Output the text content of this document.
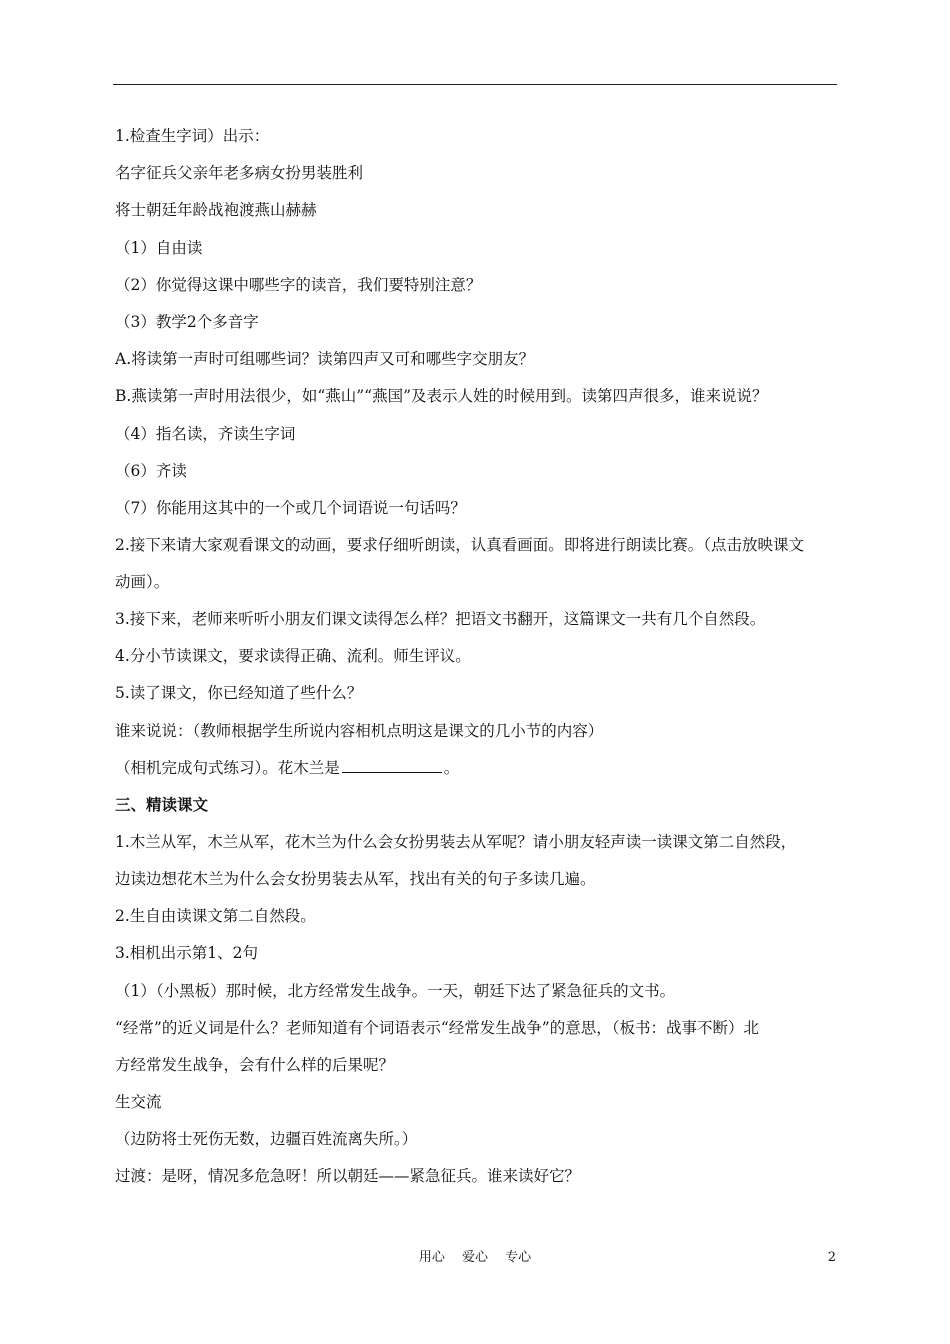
1.检查生字词）出示：
名字征兵父亲年老多病女扮男装胜利
将士朝廷年龄战袍渡燕山赫赫
（1）自由读
（2）你觉得这课中哪些字的读音，我们要特别注意？
（3）教学2个多音字
A.将读第一声时可组哪些词？读第四声又可和哪些字交朋友？
B.燕读第一声时用法很少，如“燕山”“燕国”及表示人姓的时候用到。读第四声很多，谁来说说？
（4）指名读，齐读生字词
（6）齐读
（7）你能用这其中的一个或几个词语说一句话吗？
2.接下来请大家观看课文的动画，要求仔细听朗读，认真看画面。即将进行朗读比赛。（点击放映课文
动画）。
3.接下来，老师来听听小朋友们课文读得怎么样？把语文书翻开，这篇课文一共有几个自然段。
4.分小节读课文，要求读得正确、流利。师生评议。
5.读了课文，你已经知道了些什么？
谁来说说：（教师根据学生所说内容相机点明这是课文的几小节的内容）
（相机完成句式练习）。花木兰是	。
三、精读课文
1.木兰从军，木兰从军，花木兰为什么会女扮男装去从军呢？请小朋友轻声读一读课文第二自然段，
边读边想花木兰为什么会女扮男装去从军，找出有关的句子多读几遍。
2.生自由读课文第二自然段。
3.相机出示第1、2句
（1）（小黑板）那时候，北方经常发生战争。一天，朝廷下达了紧急征兵的文书。
“经常”的近义词是什么？老师知道有个词语表示“经常发生战争”的意思，（板书：战事不断）北
方经常发生战争，会有什么样的后果呢？
生交流
（边防将士死伤无数，边疆百姓流离失所。）
过渡：是呀，情况多危急呀！所以朝廷——紧急征兵。谁来读好它？
用心　 爱心　 专心	2
